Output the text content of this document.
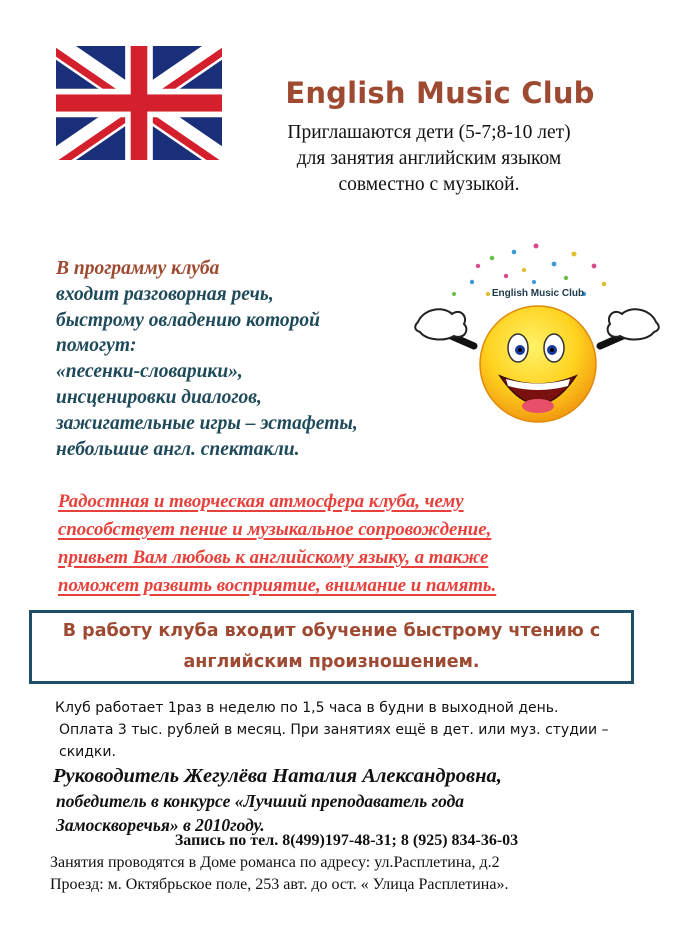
English Music Club
Приглашаются дети (5-7;8-10 лет)
для занятия английским языком
совместно с музыкой.
В программу клуба
входит разговорная речь,
быстрому овладению которой
помогут:
«песенки-словарики»,
инсценировки диалогов,
зажигательные игры – эстафеты,
небольшие англ. спектакли.
English Music Club
Радостная и творческая атмосфера клуба, чему
способствует пение и музыкальное сопровождение,
привьет Вам любовь к английскому языку, а также
поможет развить восприятие, внимание и память.
В работу клуба входит обучение быстрому чтению с
английским произношением.
Клуб работает 1раз в неделю по 1,5 часа в будни в выходной день.
Оплата 3 тыс. рублей в месяц. При занятиях ещё в дет. или муз. студии –
скидки.
Руководитель Жегулёва Наталия Александровна,
победитель в конкурсе «Лучший преподаватель года
Замоскворечья» в 2010году.
Запись по тел. 8(499)197-48-31; 8 (925) 834-36-03
Занятия проводятся в Доме романса по адресу: ул.Расплетина, д.2
Проезд: м. Октябрьское поле, 253 авт. до ост. « Улица Расплетина».
